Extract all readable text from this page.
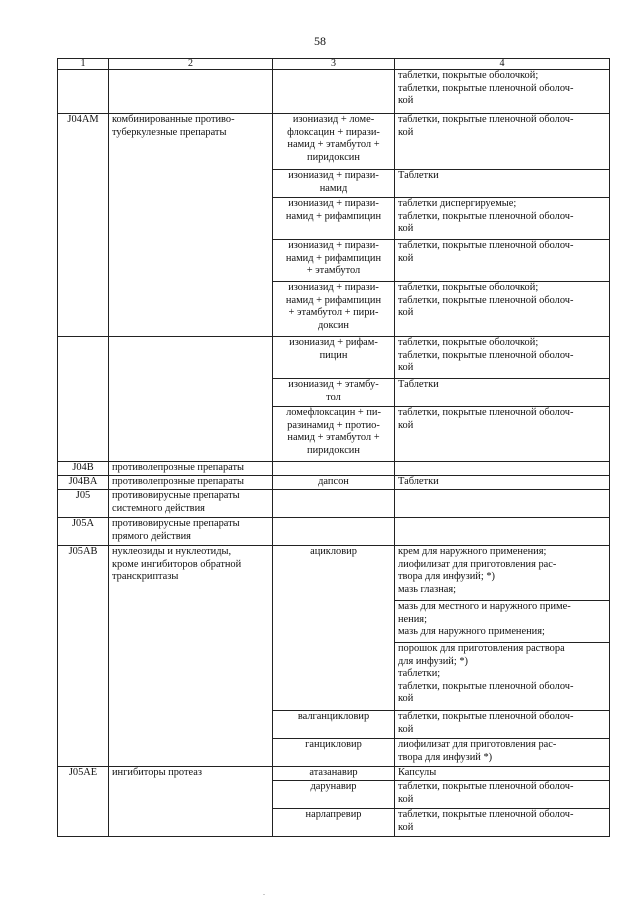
58
1	2	3	4
			таблетки, покрытые оболочкой;
таблетки, покрытые пленочной оболоч-
кой
J04AM	комбинированные противо-
туберкулезные препараты	изониазид + ломе-
флоксацин + пирази-
намид + этамбутол +
пиридоксин	таблетки, покрытые пленочной оболоч-
кой
		изониазид + пирази-
намид	Таблетки
		изониазид + пирази-
намид + рифампицин	таблетки диспергируемые;
таблетки, покрытые пленочной оболоч-
кой
		изониазид + пирази-
намид + рифампицин
+ этамбутол	таблетки, покрытые пленочной оболоч-
кой
		изониазид + пирази-
намид + рифампицин
+ этамбутол + пири-
доксин	таблетки, покрытые оболочкой;
таблетки, покрытые пленочной оболоч-
кой
		изониазид + рифам-
пицин	таблетки, покрытые оболочкой;
таблетки, покрытые пленочной оболоч-
кой
		изониазид + этамбу-
тол	Таблетки
		ломефлоксацин + пи-
разинамид + протио-
намид + этамбутол +
пиридоксин	таблетки, покрытые пленочной оболоч-
кой
J04B	противолепрозные препараты		
J04BA	противолепрозные препараты	дапсон	Таблетки
J05	противовирусные препараты
системного действия		
J05A	противовирусные препараты
прямого действия		
J05AB	нуклеозиды и нуклеотиды,
кроме ингибиторов обратной
транскриптазы	ацикловир	крем для наружного применения;
лиофилизат для приготовления рас-
твора для инфузий; *)
мазь глазная;
			мазь для местного и наружного приме-
нения;
мазь для наружного применения;
			порошок для приготовления раствора
для инфузий; *)
таблетки;
таблетки, покрытые пленочной оболоч-
кой
		валганцикловир	таблетки, покрытые пленочной оболоч-
кой
		ганцикловир	лиофилизат для приготовления рас-
твора для инфузий *)
J05AE	ингибиторы протеаз	атазанавир	Капсулы
		дарунавир	таблетки, покрытые пленочной оболоч-
кой
		нарлапревир	таблетки, покрытые пленочной оболоч-
кой
.
